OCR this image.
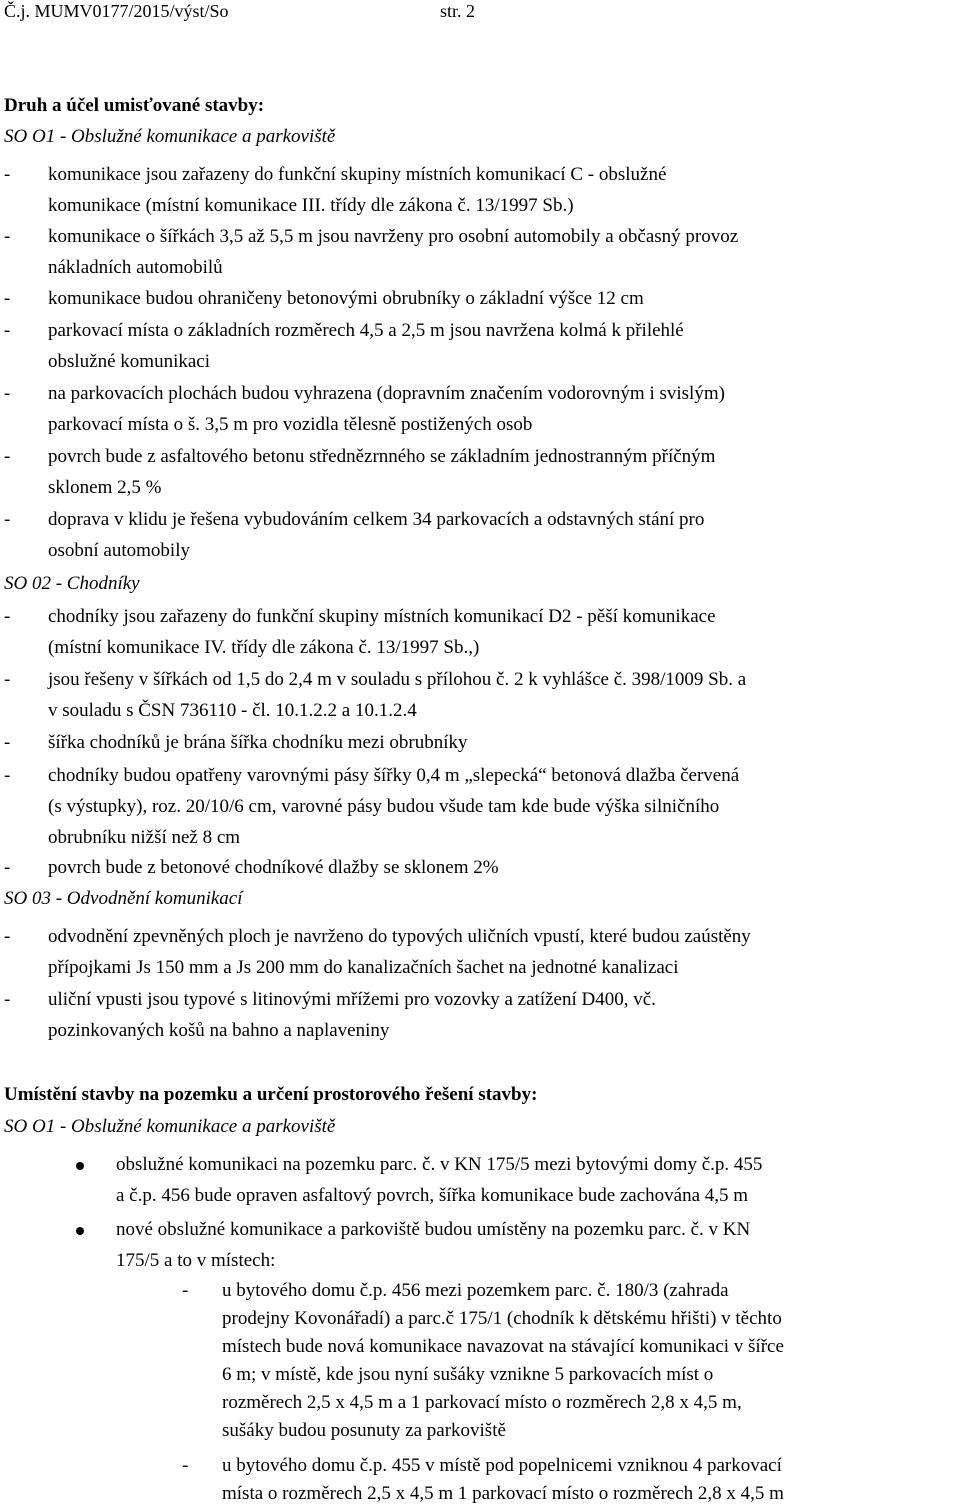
Č.j. MUMV0177/2015/výst/So	str. 2
Druh a účel umisťované stavby:
SO O1 - Obslužné komunikace a parkoviště
- komunikace jsou zařazeny do funkční skupiny místních komunikací C - obslužné
komunikace (místní komunikace III. třídy dle zákona č. 13/1997 Sb.)
- komunikace o šířkách 3,5 až 5,5 m jsou navrženy pro osobní automobily a občasný provoz
nákladních automobilů
- komunikace budou ohraničeny betonovými obrubníky o základní výšce 12 cm
- parkovací místa o základních rozměrech 4,5 a 2,5 m jsou navržena kolmá k přilehlé
obslužné komunikaci
- na parkovacích plochách budou vyhrazena (dopravním značením vodorovným i svislým)
parkovací místa o š. 3,5 m pro vozidla tělesně postižených osob
- povrch bude z asfaltového betonu střednězrnného se základním jednostranným příčným
sklonem 2,5 %
- doprava v klidu je řešena vybudováním celkem 34 parkovacích a odstavných stání pro
osobní automobily
SO 02 - Chodníky
- chodníky jsou zařazeny do funkční skupiny místních komunikací D2 - pěší komunikace
(místní komunikace IV. třídy dle zákona č. 13/1997 Sb.,)
- jsou řešeny v šířkách od 1,5 do 2,4 m v souladu s přílohou č. 2 k vyhlášce č. 398/1009 Sb. a
v souladu s ČSN 736110 - čl. 10.1.2.2 a 10.1.2.4
- šířka chodníků je brána šířka chodníku mezi obrubníky
- chodníky budou opatřeny varovnými pásy šířky 0,4 m „slepecká“ betonová dlažba červená
(s výstupky), roz. 20/10/6 cm, varovné pásy budou všude tam kde bude výška silničního
obrubníku nižší než 8 cm
- povrch bude z betonové chodníkové dlažby se sklonem 2%
SO 03 - Odvodnění komunikací
- odvodnění zpevněných ploch je navrženo do typových uličních vpustí, které budou zaústěny
přípojkami Js 150 mm a Js 200 mm do kanalizačních šachet na jednotné kanalizaci
- uliční vpusti jsou typové s litinovými mřížemi pro vozovky a zatížení D400, vč.
pozinkovaných košů na bahno a naplaveniny
Umístění stavby na pozemku a určení prostorového řešení stavby:
SO O1 - Obslužné komunikace a parkoviště
obslužné komunikaci na pozemku parc. č. v KN 175/5 mezi bytovými domy č.p. 455
a č.p. 456 bude opraven asfaltový povrch, šířka komunikace bude zachována 4,5 m
nové obslužné komunikace a parkoviště budou umístěny na pozemku parc. č. v KN
175/5 a to v místech:
- u bytového domu č.p. 456 mezi pozemkem parc. č. 180/3 (zahrada
prodejny Kovonářadí) a parc.č 175/1 (chodník k dětskému hřišti) v těchto
místech bude nová komunikace navazovat na stávající komunikaci v šířce
6 m; v místě, kde jsou nyní sušáky vznikne 5 parkovacích míst o
rozměrech 2,5 x 4,5 m a 1 parkovací místo o rozměrech 2,8 x 4,5 m,
sušáky budou posunuty za parkoviště
- u bytového domu č.p. 455 v místě pod popelnicemi vzniknou 4 parkovací
místa o rozměrech 2,5 x 4,5 m 1 parkovací místo o rozměrech 2,8 x 4,5 m
